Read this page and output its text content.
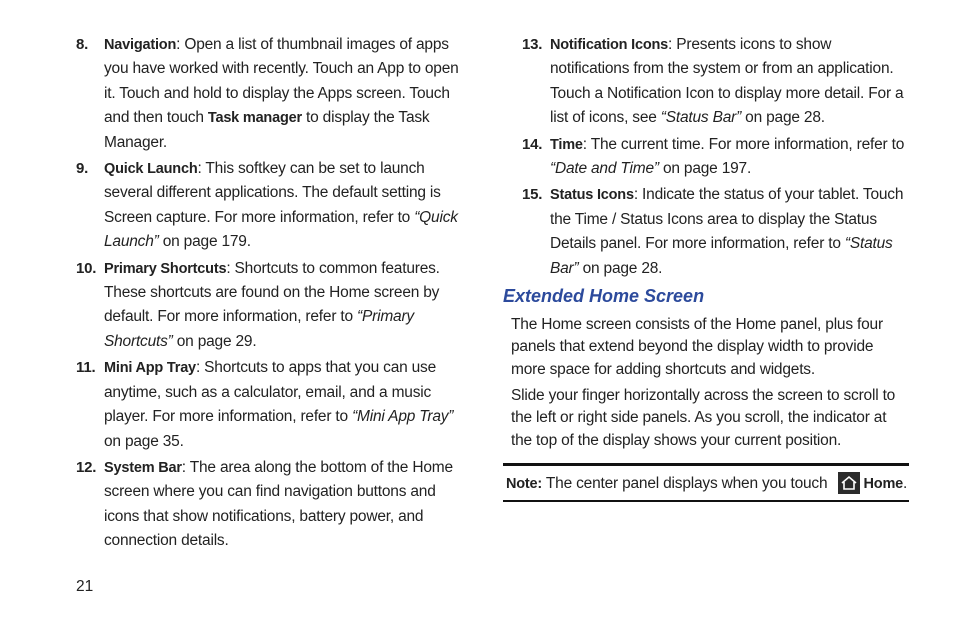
8. Navigation: Open a list of thumbnail images of apps you have worked with recently. Touch an App to open it. Touch and hold to display the Apps screen. Touch and then touch Task manager to display the Task Manager.
9. Quick Launch: This softkey can be set to launch several different applications. The default setting is Screen capture. For more information, refer to “Quick Launch” on page 179.
10. Primary Shortcuts: Shortcuts to common features. These shortcuts are found on the Home screen by default. For more information, refer to “Primary Shortcuts” on page 29.
11. Mini App Tray: Shortcuts to apps that you can use anytime, such as a calculator, email, and a music player. For more information, refer to “Mini App Tray” on page 35.
12. System Bar: The area along the bottom of the Home screen where you can find navigation buttons and icons that show notifications, battery power, and connection details.
13. Notification Icons: Presents icons to show notifications from the system or from an application. Touch a Notification Icon to display more detail. For a list of icons, see “Status Bar” on page 28.
14. Time: The current time. For more information, refer to “Date and Time” on page 197.
15. Status Icons: Indicate the status of your tablet. Touch the Time / Status Icons area to display the Status Details panel. For more information, refer to “Status Bar” on page 28.
Extended Home Screen
The Home screen consists of the Home panel, plus four panels that extend beyond the display width to provide more space for adding shortcuts and widgets.
Slide your finger horizontally across the screen to scroll to the left or right side panels. As you scroll, the indicator at the top of the display shows your current position.
Note: The center panel displays when you touch
Home.
21
